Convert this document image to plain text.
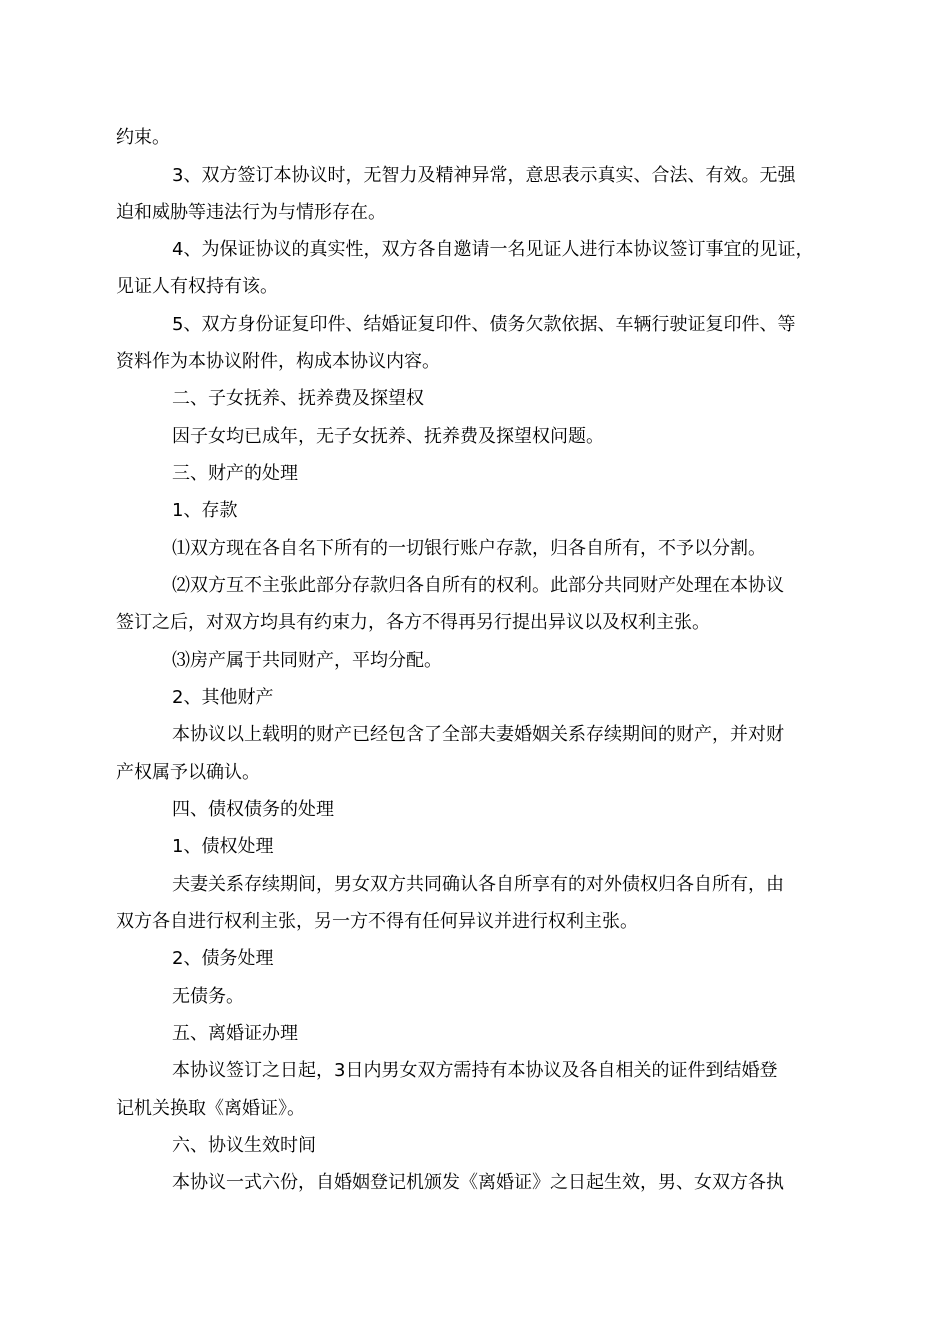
约束。
3、双方签订本协议时，无智力及精神异常，意思表示真实、合法、有效。无强
迫和威胁等违法行为与情形存在。
4、为保证协议的真实性，双方各自邀请一名见证人进行本协议签订事宜的见证，
见证人有权持有该。
5、双方身份证复印件、结婚证复印件、债务欠款依据、车辆行驶证复印件、等
资料作为本协议附件，构成本协议内容。
二、子女抚养、抚养费及探望权
因子女均已成年，无子女抚养、抚养费及探望权问题。
三、财产的处理
1、存款
⑴双方现在各自名下所有的一切银行账户存款，归各自所有，不予以分割。
⑵双方互不主张此部分存款归各自所有的权利。此部分共同财产处理在本协议
签订之后，对双方均具有约束力，各方不得再另行提出异议以及权利主张。
⑶房产属于共同财产，平均分配。
2、其他财产
本协议以上载明的财产已经包含了全部夫妻婚姻关系存续期间的财产，并对财
产权属予以确认。
四、债权债务的处理
1、债权处理
夫妻关系存续期间，男女双方共同确认各自所享有的对外债权归各自所有，由
双方各自进行权利主张，另一方不得有任何异议并进行权利主张。
2、债务处理
无债务。
五、离婚证办理
本协议签订之日起，3日内男女双方需持有本协议及各自相关的证件到结婚登
记机关换取《离婚证》。
六、协议生效时间
本协议一式六份，自婚姻登记机颁发《离婚证》之日起生效，男、女双方各执
